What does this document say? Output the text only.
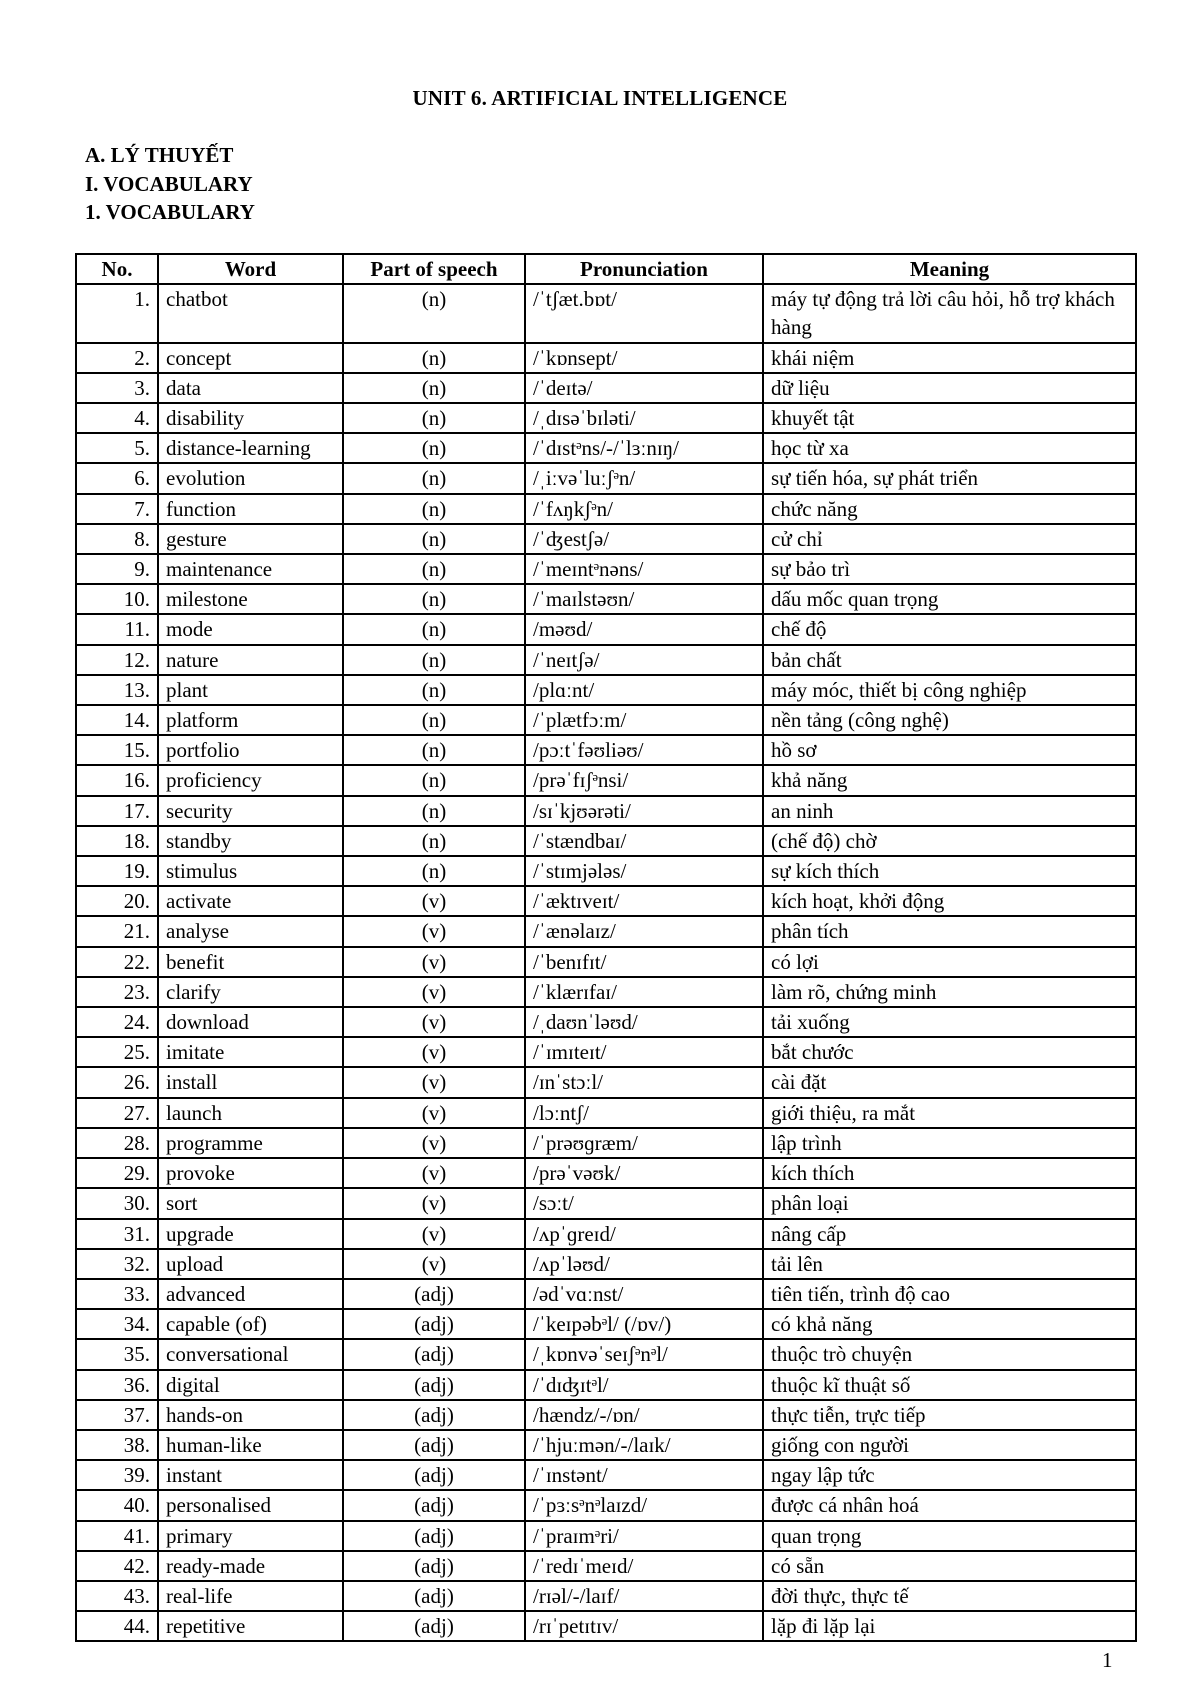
UNIT 6. ARTIFICIAL INTELLIGENCE
A. LÝ THUYẾT
I. VOCABULARY
1. VOCABULARY
No.	Word	Part of speech	Pronunciation	Meaning
1.	chatbot	(n)	/ˈtʃæt.bɒt/	máy tự động trả lời câu hỏi, hỗ trợ khách hàng
2.	concept	(n)	/ˈkɒnsept/	khái niệm
3.	data	(n)	/ˈdeɪtə/	dữ liệu
4.	disability	(n)	/ˌdɪsəˈbɪləti/	khuyết tật
5.	distance-learning	(n)	/ˈdɪstᵊns/-/ˈlɜːnɪŋ/	học từ xa
6.	evolution	(n)	/ˌiːvəˈluːʃᵊn/	sự tiến hóa, sự phát triển
7.	function	(n)	/ˈfʌŋkʃᵊn/	chức năng
8.	gesture	(n)	/ˈʤestʃə/	cử chỉ
9.	maintenance	(n)	/ˈmeɪntᵊnəns/	sự bảo trì
10.	milestone	(n)	/ˈmaɪlstəʊn/	dấu mốc quan trọng
11.	mode	(n)	/məʊd/	chế độ
12.	nature	(n)	/ˈneɪtʃə/	bản chất
13.	plant	(n)	/plɑːnt/	máy móc, thiết bị công nghiệp
14.	platform	(n)	/ˈplætfɔːm/	nền tảng (công nghệ)
15.	portfolio	(n)	/pɔːtˈfəʊliəʊ/	hồ sơ
16.	proficiency	(n)	/prəˈfɪʃᵊnsi/	khả năng
17.	security	(n)	/sɪˈkjʊərəti/	an ninh
18.	standby	(n)	/ˈstændbaɪ/	(chế độ) chờ
19.	stimulus	(n)	/ˈstɪmjələs/	sự kích thích
20.	activate	(v)	/ˈæktɪveɪt/	kích hoạt, khởi động
21.	analyse	(v)	/ˈænəlaɪz/	phân tích
22.	benefit	(v)	/ˈbenɪfɪt/	có lợi
23.	clarify	(v)	/ˈklærɪfaɪ/	làm rõ, chứng minh
24.	download	(v)	/ˌdaʊnˈləʊd/	tải xuống
25.	imitate	(v)	/ˈɪmɪteɪt/	bắt chước
26.	install	(v)	/ɪnˈstɔːl/	cài đặt
27.	launch	(v)	/lɔːntʃ/	giới thiệu, ra mắt
28.	programme	(v)	/ˈprəʊɡræm/	lập trình
29.	provoke	(v)	/prəˈvəʊk/	kích thích
30.	sort	(v)	/sɔːt/	phân loại
31.	upgrade	(v)	/ʌpˈɡreɪd/	nâng cấp
32.	upload	(v)	/ʌpˈləʊd/	tải lên
33.	advanced	(adj)	/ədˈvɑːnst/	tiên tiến, trình độ cao
34.	capable (of)	(adj)	/ˈkeɪpəbᵊl/ (/ɒv/)	có khả năng
35.	conversational	(adj)	/ˌkɒnvəˈseɪʃᵊnᵊl/	thuộc trò chuyện
36.	digital	(adj)	/ˈdɪʤɪtᵊl/	thuộc kĩ thuật số
37.	hands-on	(adj)	/hændz/-/ɒn/	thực tiễn, trực tiếp
38.	human-like	(adj)	/ˈhjuːmən/-/laɪk/	giống con người
39.	instant	(adj)	/ˈɪnstənt/	ngay lập tức
40.	personalised	(adj)	/ˈpɜːsᵊnᵊlaɪzd/	được cá nhân hoá
41.	primary	(adj)	/ˈpraɪmᵊri/	quan trọng
42.	ready-made	(adj)	/ˈredɪˈmeɪd/	có sẵn
43.	real-life	(adj)	/rɪəl/-/laɪf/	đời thực, thực tế
44.	repetitive	(adj)	/rɪˈpetɪtɪv/	lặp đi lặp lại
1
